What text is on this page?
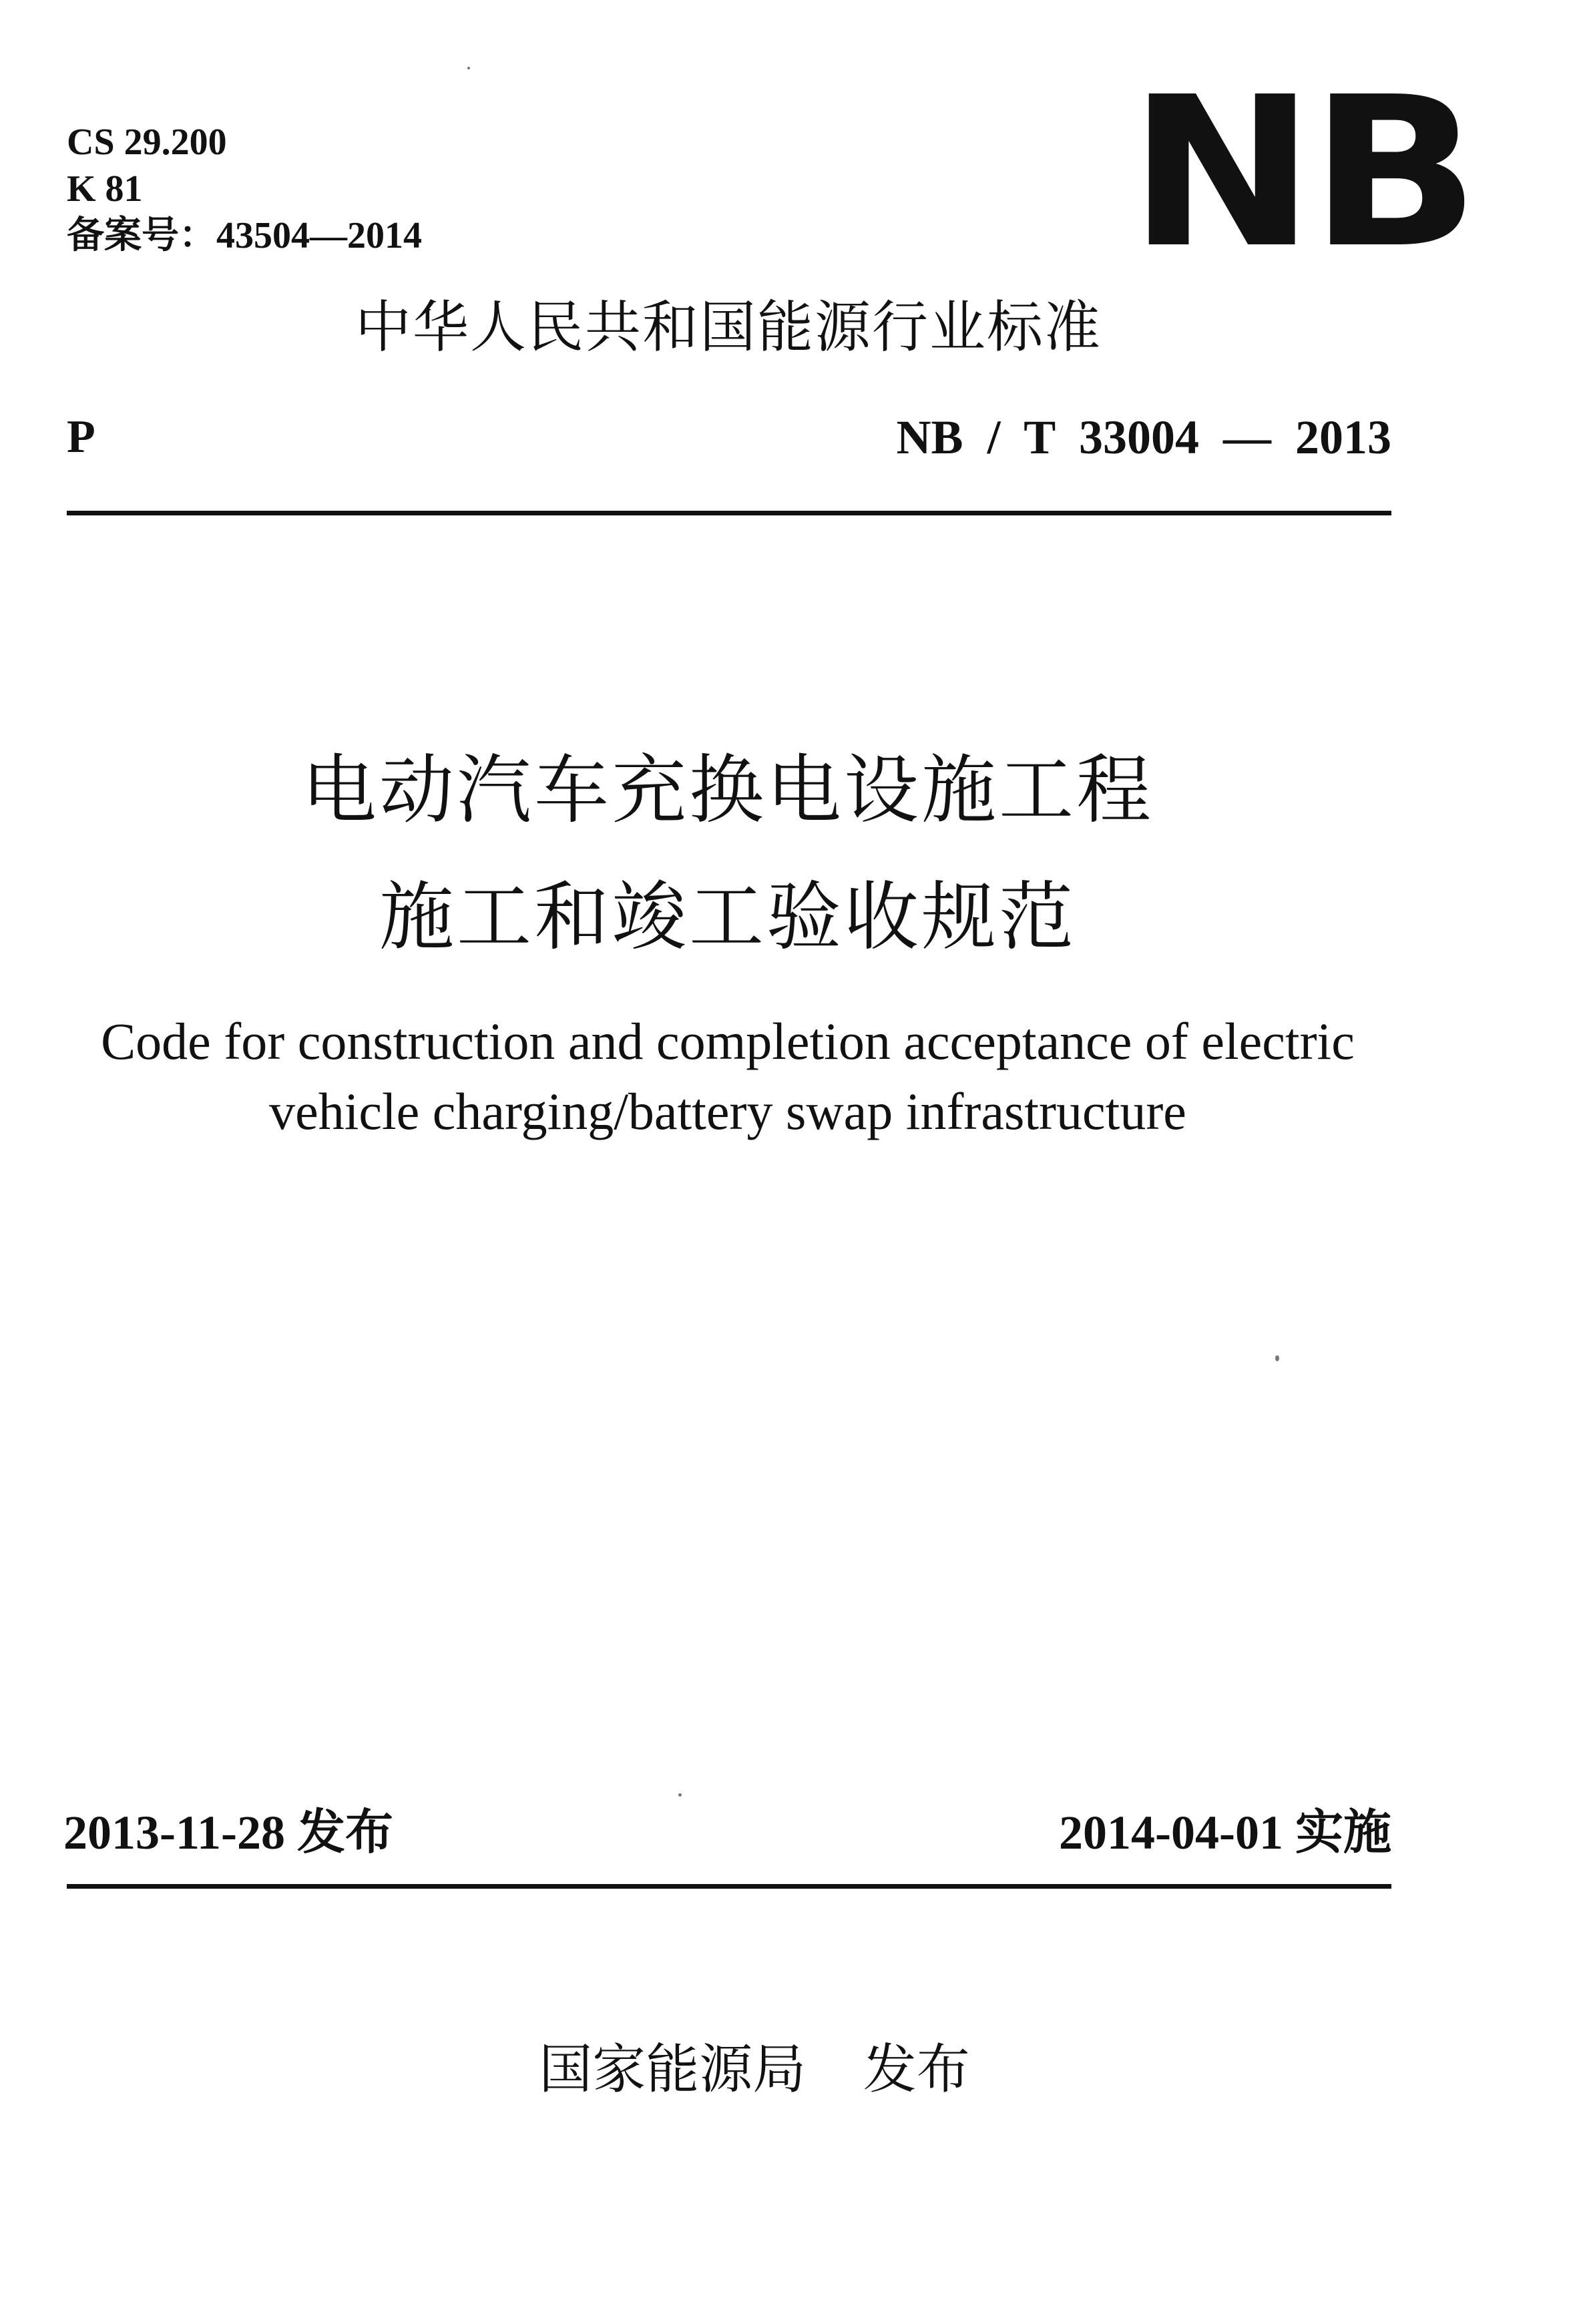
CS 29.200
K 81
备案号：43504—2014	NB
中华人民共和国能源行业标准
P	NB / T 33004 — 2013
电动汽车充换电设施工程
施工和竣工验收规范
Code for construction and completion acceptance of electric
vehicle charging/battery swap infrastructure
2013-11-28 发布	2014-04-01 实施
国家能源局 发布
